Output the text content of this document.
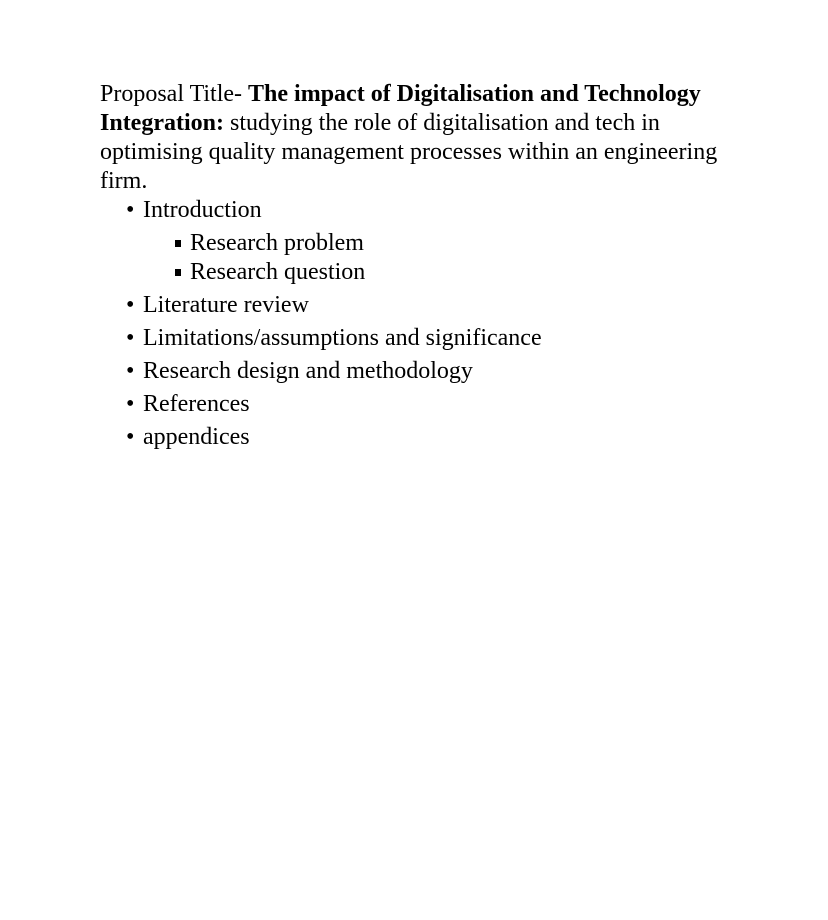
Proposal Title- The impact of Digitalisation and Technology Integration: studying the role of digitalisation and tech in optimising quality management processes within an engineering firm.

• Introduction
Research problem
Research question
• Literature review
• Limitations/assumptions and significance
• Research design and methodology
• References
• appendices
